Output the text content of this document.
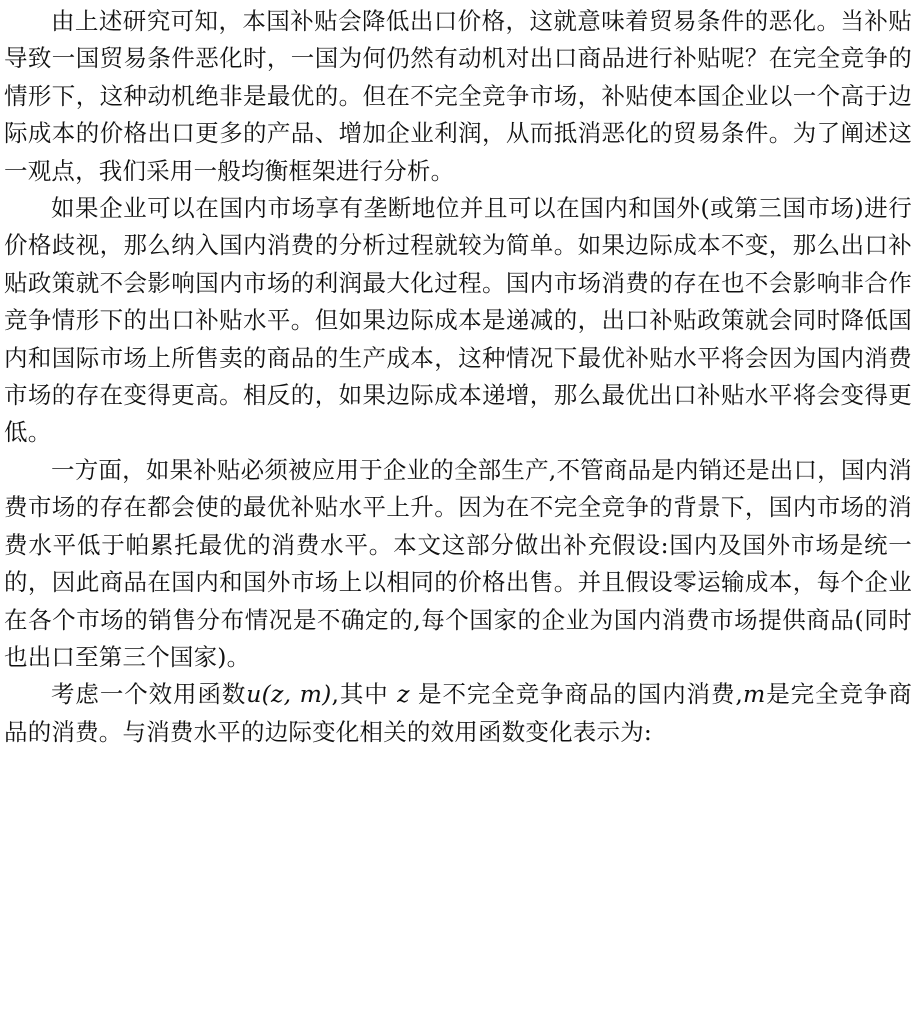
由上述研究可知，本国补贴会降低出口价格，这就意味着贸易条件的恶化。当补贴导致一国贸易条件恶化时，一国为何仍然有动机对出口商品进行补贴呢？在完全竞争的情形下，这种动机绝非是最优的。但在不完全竞争市场，补贴使本国企业以一个高于边际成本的价格出口更多的产品、增加企业利润，从而抵消恶化的贸易条件。为了阐述这一观点，我们采用一般均衡框架进行分析。

如果企业可以在国内市场享有垄断地位并且可以在国内和国外(或第三国市场)进行价格歧视，那么纳入国内消费的分析过程就较为简单。如果边际成本不变，那么出口补贴政策就不会影响国内市场的利润最大化过程。国内市场消费的存在也不会影响非合作竞争情形下的出口补贴水平。但如果边际成本是递减的，出口补贴政策就会同时降低国内和国际市场上所售卖的商品的生产成本，这种情况下最优补贴水平将会因为国内消费市场的存在变得更高。相反的，如果边际成本递增，那么最优出口补贴水平将会变得更低。

一方面，如果补贴必须被应用于企业的全部生产,不管商品是内销还是出口，国内消费市场的存在都会使的最优补贴水平上升。因为在不完全竞争的背景下，国内市场的消费水平低于帕累托最优的消费水平。本文这部分做出补充假设:国内及国外市场是统一的，因此商品在国内和国外市场上以相同的价格出售。并且假设零运输成本，每个企业在各个市场的销售分布情况是不确定的,每个国家的企业为国内消费市场提供商品(同时也出口至第三个国家)。

考虑一个效用函数u(z, m),其中 z 是不完全竞争商品的国内消费,m是完全竞争商品的消费。与消费水平的边际变化相关的效用函数变化表示为:
